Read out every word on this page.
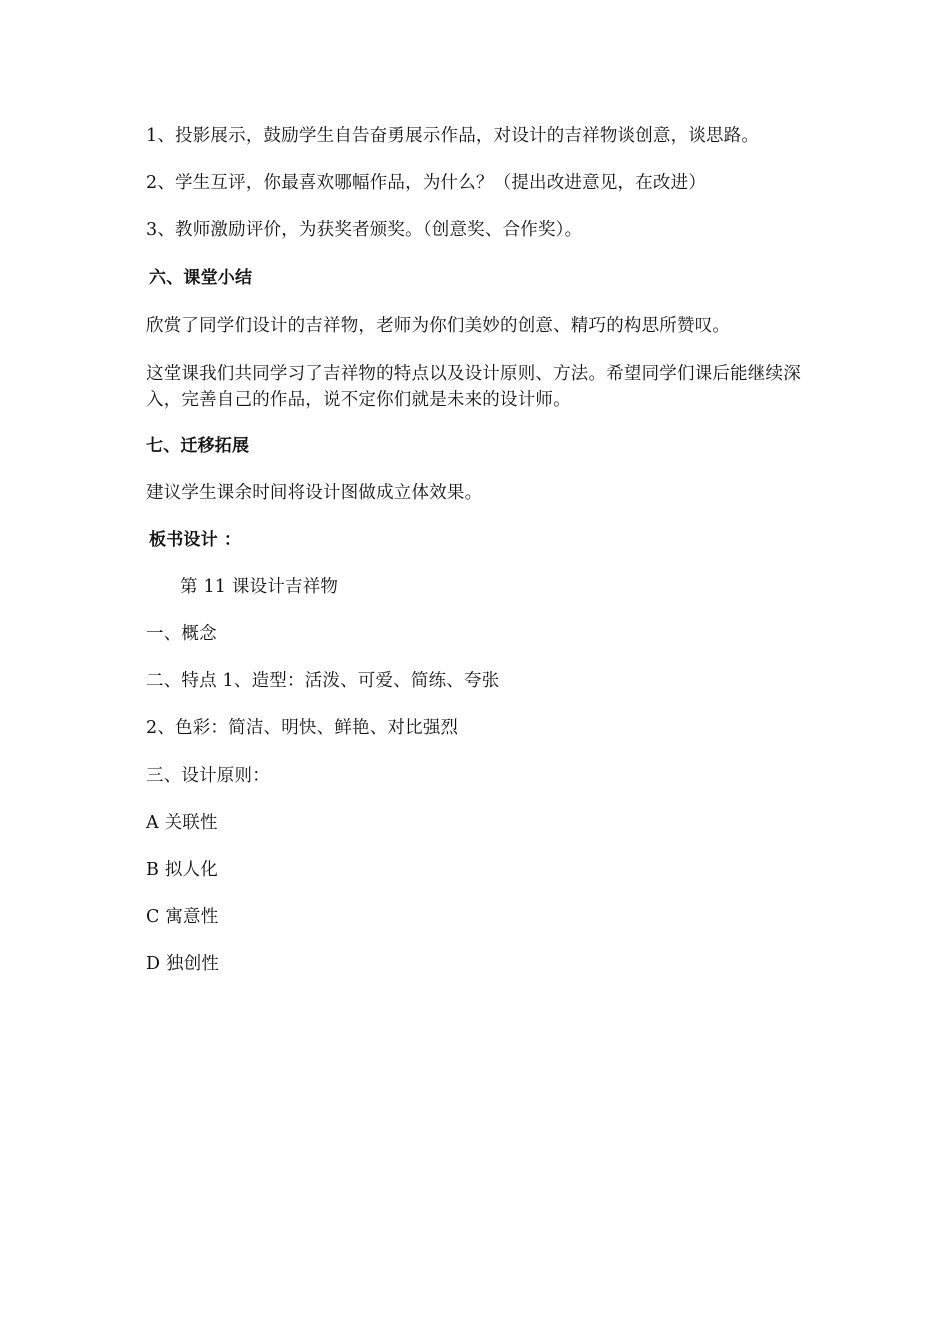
1、投影展示，鼓励学生自告奋勇展示作品，对设计的吉祥物谈创意，谈思路。
2、学生互评，你最喜欢哪幅作品，为什么？（提出改进意见，在改进）
3、教师激励评价，为获奖者颁奖。（创意奖、合作奖）。
六、课堂小结
欣赏了同学们设计的吉祥物，老师为你们美妙的创意、精巧的构思所赞叹。
这堂课我们共同学习了吉祥物的特点以及设计原则、方法。希望同学们课后能继续深入，完善自己的作品，说不定你们就是未来的设计师。
七、迁移拓展
建议学生课余时间将设计图做成立体效果。
板书设计 ：
第 11 课设计吉祥物
一、概念
二、特点 1、造型：活泼、可爱、简练、夸张
2、色彩：简洁、明快、鲜艳、对比强烈
三、设计原则：
A 关联性
B 拟人化
C 寓意性
D 独创性
